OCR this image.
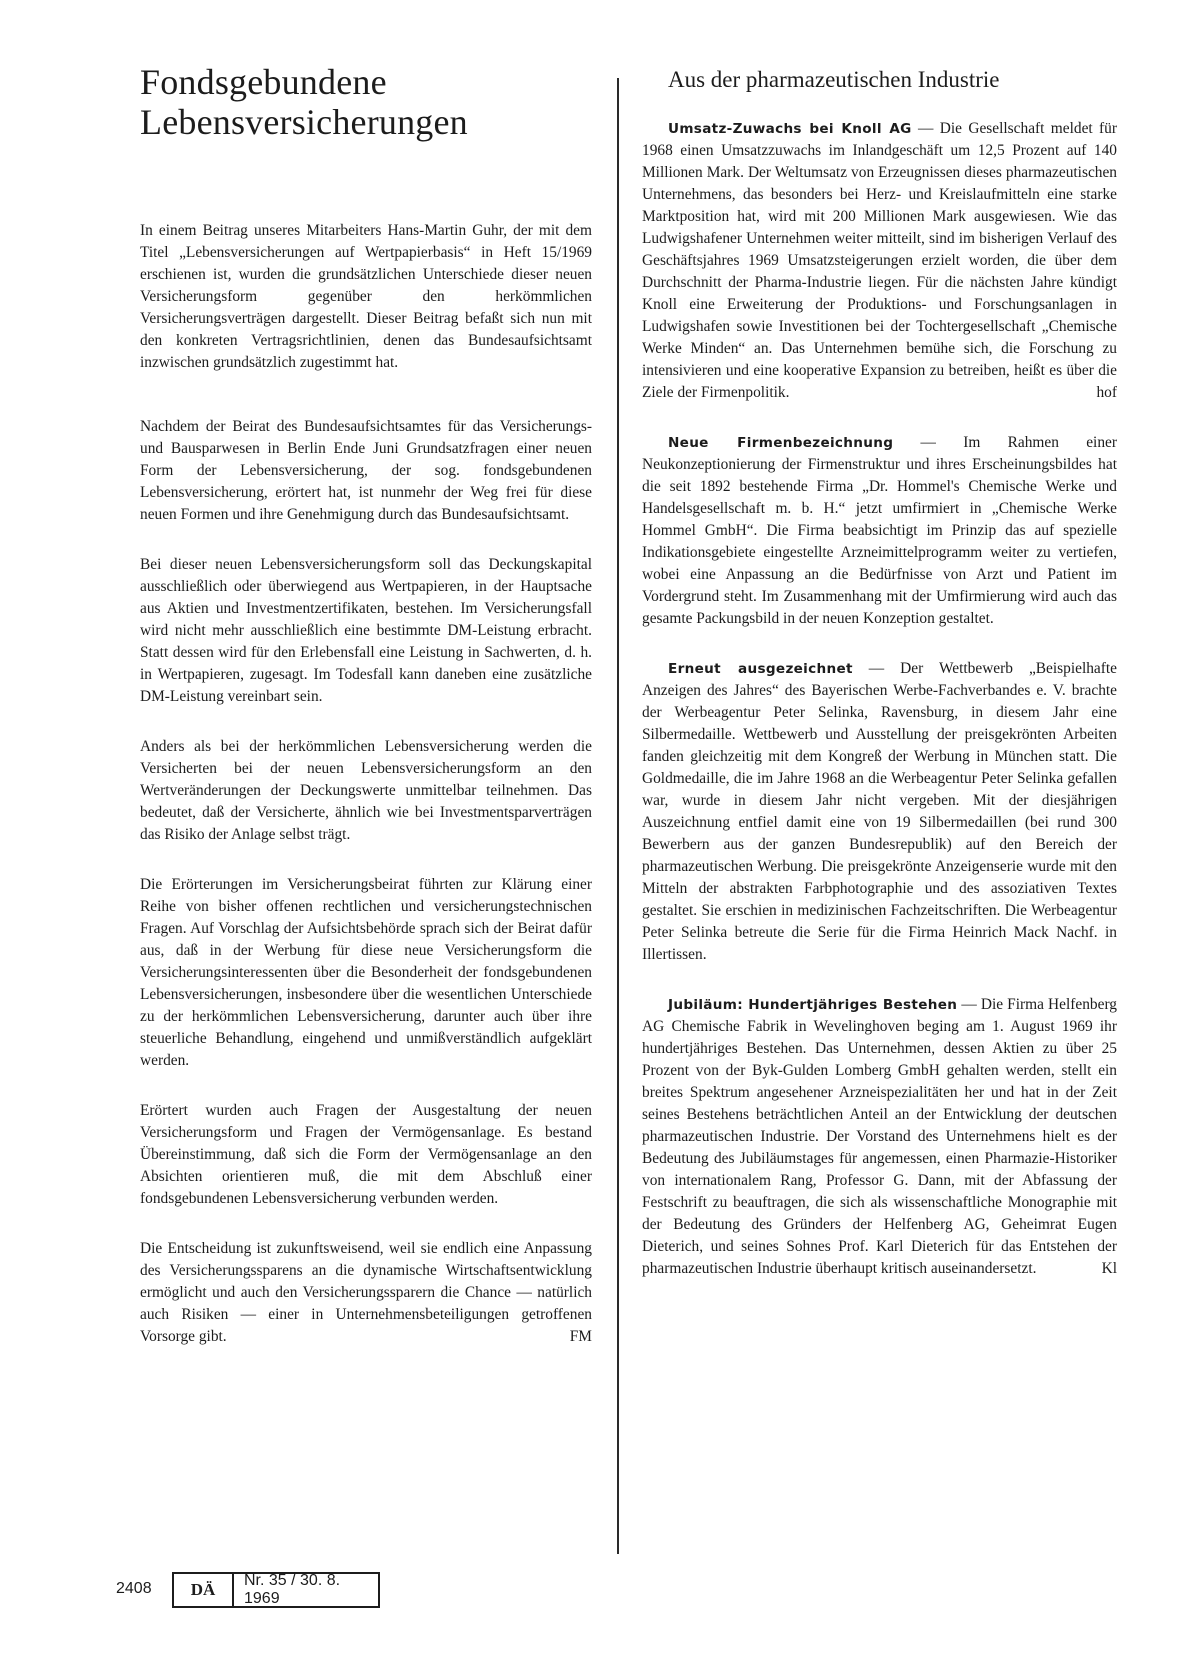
Fondsgebundene
Lebensversicherungen

In einem Beitrag unseres Mitarbeiters Hans-Martin Guhr, der mit dem Titel „Lebensversicherungen auf Wertpapierbasis“ in Heft 15/1969 erschienen ist, wurden die grundsätzlichen Unterschiede dieser neuen Versicherungsform gegenüber den herkömmlichen Versicherungsverträgen dargestellt. Dieser Beitrag befaßt sich nun mit den konkreten Vertragsrichtlinien, denen das Bundesaufsichtsamt inzwischen grundsätzlich zugestimmt hat.

Nachdem der Beirat des Bundesaufsichtsamtes für das Versicherungs- und Bausparwesen in Berlin Ende Juni Grundsatzfragen einer neuen Form der Lebensversicherung, der sog. fondsgebundenen Lebensversicherung, erörtert hat, ist nunmehr der Weg frei für diese neuen Formen und ihre Genehmigung durch das Bundesaufsichtsamt.

Bei dieser neuen Lebensversicherungsform soll das Deckungskapital ausschließlich oder überwiegend aus Wertpapieren, in der Hauptsache aus Aktien und Investmentzertifikaten, bestehen. Im Versicherungsfall wird nicht mehr ausschließlich eine bestimmte DM-Leistung erbracht. Statt dessen wird für den Erlebensfall eine Leistung in Sachwerten, d. h. in Wertpapieren, zugesagt. Im Todesfall kann daneben eine zusätzliche DM-Leistung vereinbart sein.

Anders als bei der herkömmlichen Lebensversicherung werden die Versicherten bei der neuen Lebensversicherungsform an den Wertveränderungen der Deckungswerte unmittelbar teilnehmen. Das bedeutet, daß der Versicherte, ähnlich wie bei Investmentsparverträgen das Risiko der Anlage selbst trägt.

Die Erörterungen im Versicherungsbeirat führten zur Klärung einer Reihe von bisher offenen rechtlichen und versicherungstechnischen Fragen. Auf Vorschlag der Aufsichtsbehörde sprach sich der Beirat dafür aus, daß in der Werbung für diese neue Versicherungsform die Versicherungsinteressenten über die Besonderheit der fondsgebundenen Lebensversicherungen, insbesondere über die wesentlichen Unterschiede zu der herkömmlichen Lebensversicherung, darunter auch über ihre steuerliche Behandlung, eingehend und unmißverständlich aufgeklärt werden.

Erörtert wurden auch Fragen der Ausgestaltung der neuen Versicherungsform und Fragen der Vermögensanlage. Es bestand Übereinstimmung, daß sich die Form der Vermögensanlage an den Absichten orientieren muß, die mit dem Abschluß einer fondsgebundenen Lebensversicherung verbunden werden.

Die Entscheidung ist zukunftsweisend, weil sie endlich eine Anpassung des Versicherungssparens an die dynamische Wirtschaftsentwicklung ermöglicht und auch den Versicherungssparern die Chance — natürlich auch Risiken — einer in Unternehmensbeteiligungen getroffenen Vorsorge gibt.	FM

Aus der pharmazeutischen Industrie

Umsatz-Zuwachs bei Knoll AG — Die Gesellschaft meldet für 1968 einen Umsatzzuwachs im Inlandgeschäft um 12,5 Prozent auf 140 Millionen Mark. Der Weltumsatz von Erzeugnissen dieses pharmazeutischen Unternehmens, das besonders bei Herz- und Kreislaufmitteln eine starke Marktposition hat, wird mit 200 Millionen Mark ausgewiesen. Wie das Ludwigshafener Unternehmen weiter mitteilt, sind im bisherigen Verlauf des Geschäftsjahres 1969 Umsatzsteigerungen erzielt worden, die über dem Durchschnitt der Pharma-Industrie liegen. Für die nächsten Jahre kündigt Knoll eine Erweiterung der Produktions- und Forschungsanlagen in Ludwigshafen sowie Investitionen bei der Tochtergesellschaft „Chemische Werke Minden“ an. Das Unternehmen bemühe sich, die Forschung zu intensivieren und eine kooperative Expansion zu betreiben, heißt es über die Ziele der Firmenpolitik.	hof

Neue Firmenbezeichnung — Im Rahmen einer Neukonzeptionierung der Firmenstruktur und ihres Erscheinungsbildes hat die seit 1892 bestehende Firma „Dr. Hommel's Chemische Werke und Handelsgesellschaft m. b. H.“ jetzt umfirmiert in „Chemische Werke Hommel GmbH“. Die Firma beabsichtigt im Prinzip das auf spezielle Indikationsgebiete eingestellte Arzneimittelprogramm weiter zu vertiefen, wobei eine Anpassung an die Bedürfnisse von Arzt und Patient im Vordergrund steht. Im Zusammenhang mit der Umfirmierung wird auch das gesamte Packungsbild in der neuen Konzeption gestaltet.

Erneut ausgezeichnet — Der Wettbewerb „Beispielhafte Anzeigen des Jahres“ des Bayerischen Werbe-Fachverbandes e. V. brachte der Werbeagentur Peter Selinka, Ravensburg, in diesem Jahr eine Silbermedaille. Wettbewerb und Ausstellung der preisgekrönten Arbeiten fanden gleichzeitig mit dem Kongreß der Werbung in München statt. Die Goldmedaille, die im Jahre 1968 an die Werbeagentur Peter Selinka gefallen war, wurde in diesem Jahr nicht vergeben. Mit der diesjährigen Auszeichnung entfiel damit eine von 19 Silbermedaillen (bei rund 300 Bewerbern aus der ganzen Bundesrepublik) auf den Bereich der pharmazeutischen Werbung. Die preisgekrönte Anzeigenserie wurde mit den Mitteln der abstrakten Farbphotographie und des assoziativen Textes gestaltet. Sie erschien in medizinischen Fachzeitschriften. Die Werbeagentur Peter Selinka betreute die Serie für die Firma Heinrich Mack Nachf. in Illertissen.

Jubiläum: Hundertjähriges Bestehen — Die Firma Helfenberg AG Chemische Fabrik in Wevelinghoven beging am 1. August 1969 ihr hundertjähriges Bestehen. Das Unternehmen, dessen Aktien zu über 25 Prozent von der Byk-Gulden Lomberg GmbH gehalten werden, stellt ein breites Spektrum angesehener Arzneispezialitäten her und hat in der Zeit seines Bestehens beträchtlichen Anteil an der Entwicklung der deutschen pharmazeutischen Industrie. Der Vorstand des Unternehmens hielt es der Bedeutung des Jubiläumstages für angemessen, einen Pharmazie-Historiker von internationalem Rang, Professor G. Dann, mit der Abfassung der Festschrift zu beauftragen, die sich als wissenschaftliche Monographie mit der Bedeutung des Gründers der Helfenberg AG, Geheimrat Eugen Dieterich, und seines Sohnes Prof. Karl Dieterich für das Entstehen der pharmazeutischen Industrie überhaupt kritisch auseinandersetzt.	Kl

2408	DÄ	Nr. 35 / 30. 8. 1969
